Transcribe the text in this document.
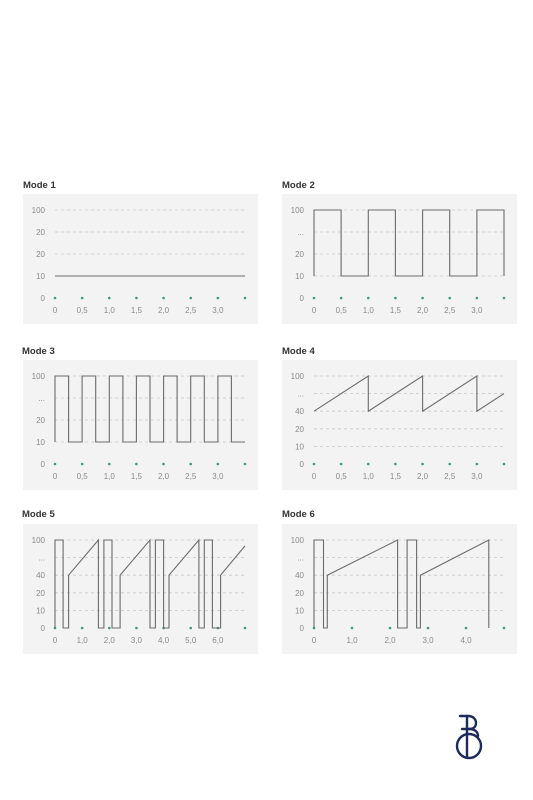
Mode 1	Mode 2
Mode 3	Mode 4
Mode 5	Mode 6
100
20
20
10
0
0 0,5 1,0 1,5 2,0 2,5 3,0
100
...
20
10
0
0 0,5 1,0 1,5 2,0 2,5 3,0
100
...
20
10
0
0 0,5 1,0 1,5 2,0 2,5 3,0
100
...
40
20
10
0
0 0,5 1,0 1,5 2,0 2,5 3,0
100
...
40
20
10
0
0 1,0 2,0 3,0 4,0 5,0 6,0
100
...
40
20
10
0
0	1,0	2,0	3,0	4,0
